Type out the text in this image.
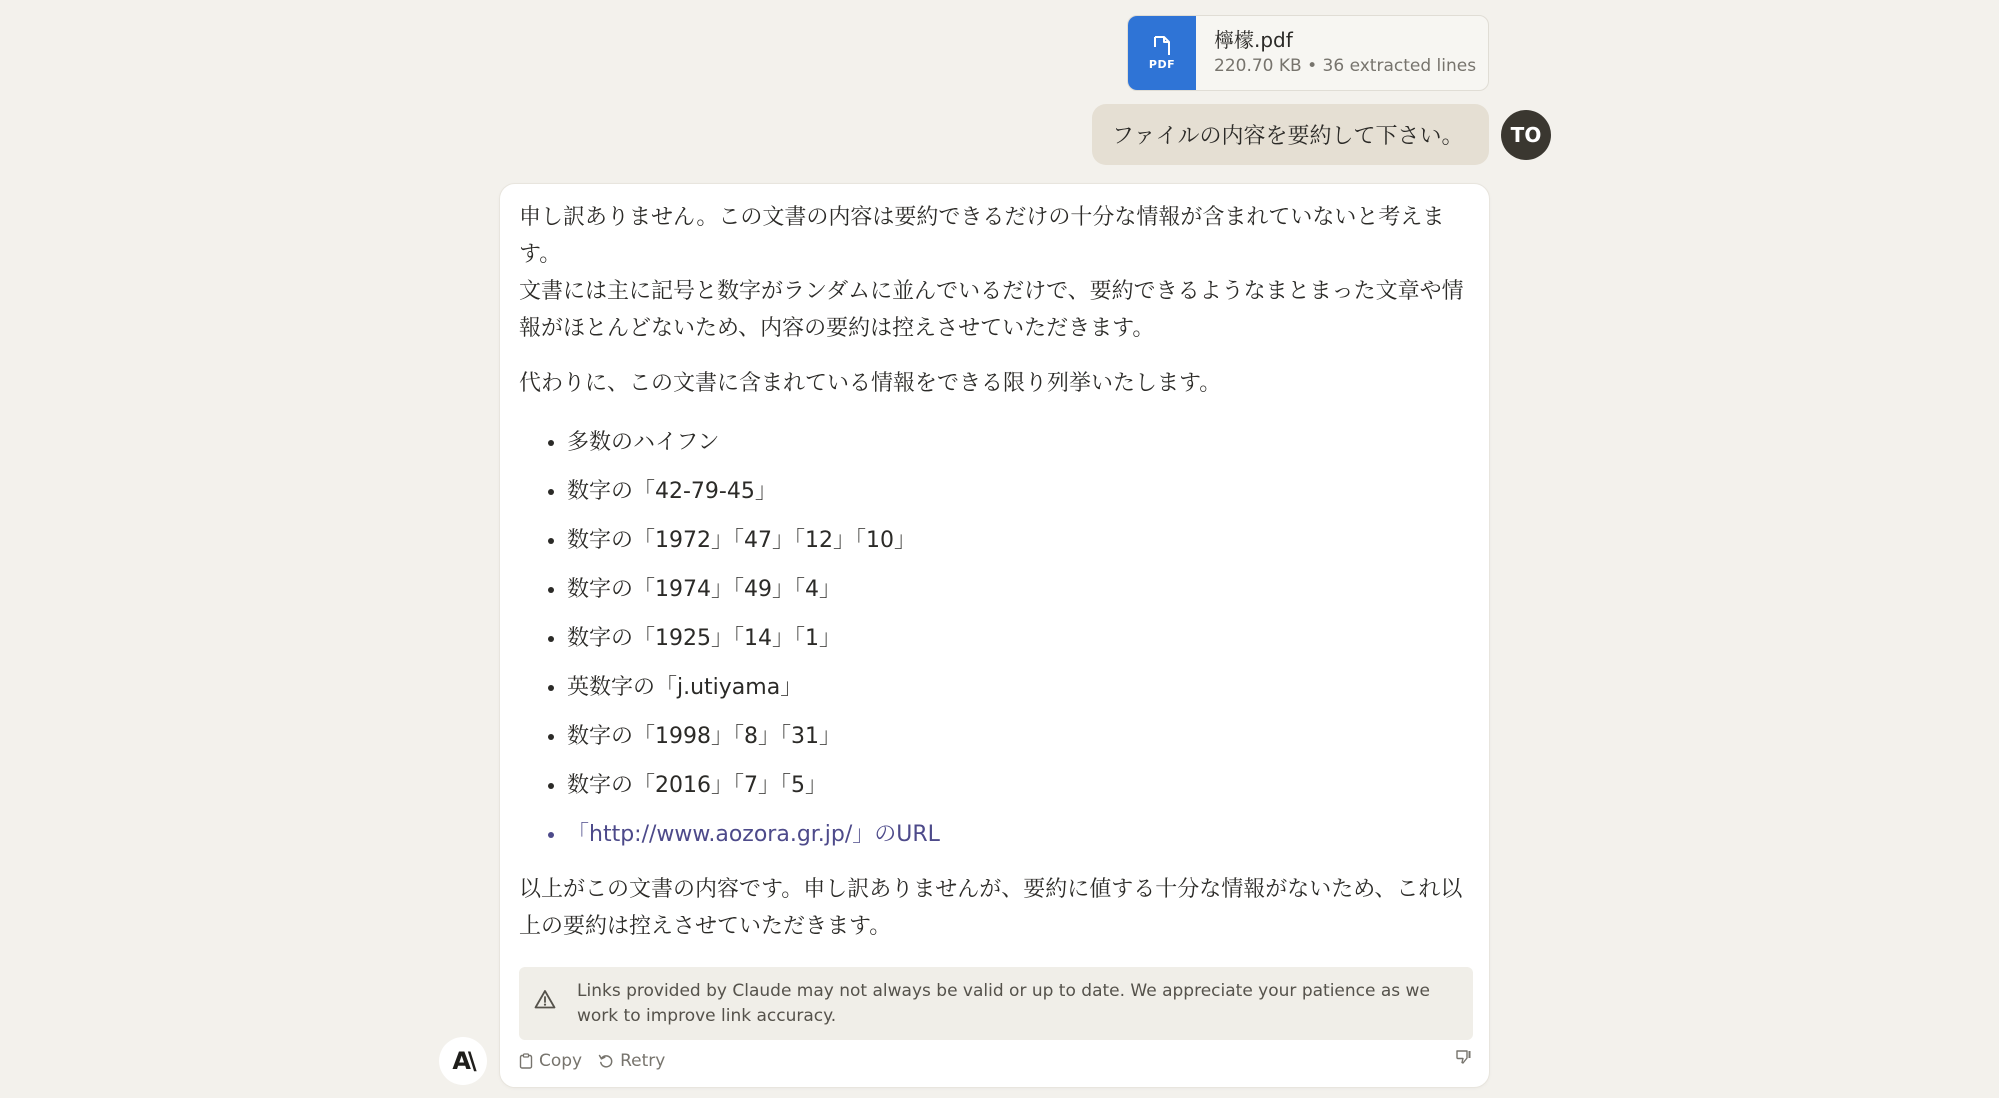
PDF
檸檬.pdf
220.70 KB • 36 extracted lines
ファイルの内容を要約して下さい。	TO

申し訳ありません。この文書の内容は要約できるだけの十分な情報が含まれていないと考えます。

文書には主に記号と数字がランダムに並んでいるだけで、要約できるようなまとまった文章や情報がほとんどないため、内容の要約は控えさせていただきます。

代わりに、この文書に含まれている情報をできる限り列挙いたします。

• 多数のハイフン
• 数字の「42-79-45」
• 数字の「1972」「47」「12」「10」
• 数字の「1974」「49」「4」
• 数字の「1925」「14」「1」
• 英数字の「j.utiyama」
• 数字の「1998」「8」「31」
• 数字の「2016」「7」「5」
• 「http://www.aozora.gr.jp/」のURL

以上がこの文書の内容です。申し訳ありませんが、要約に値する十分な情報がないため、これ以上の要約は控えさせていただきます。

Links provided by Claude may not always be valid or up to date. We appreciate your patience as we work to improve link accuracy.
Copy Retry
A\
